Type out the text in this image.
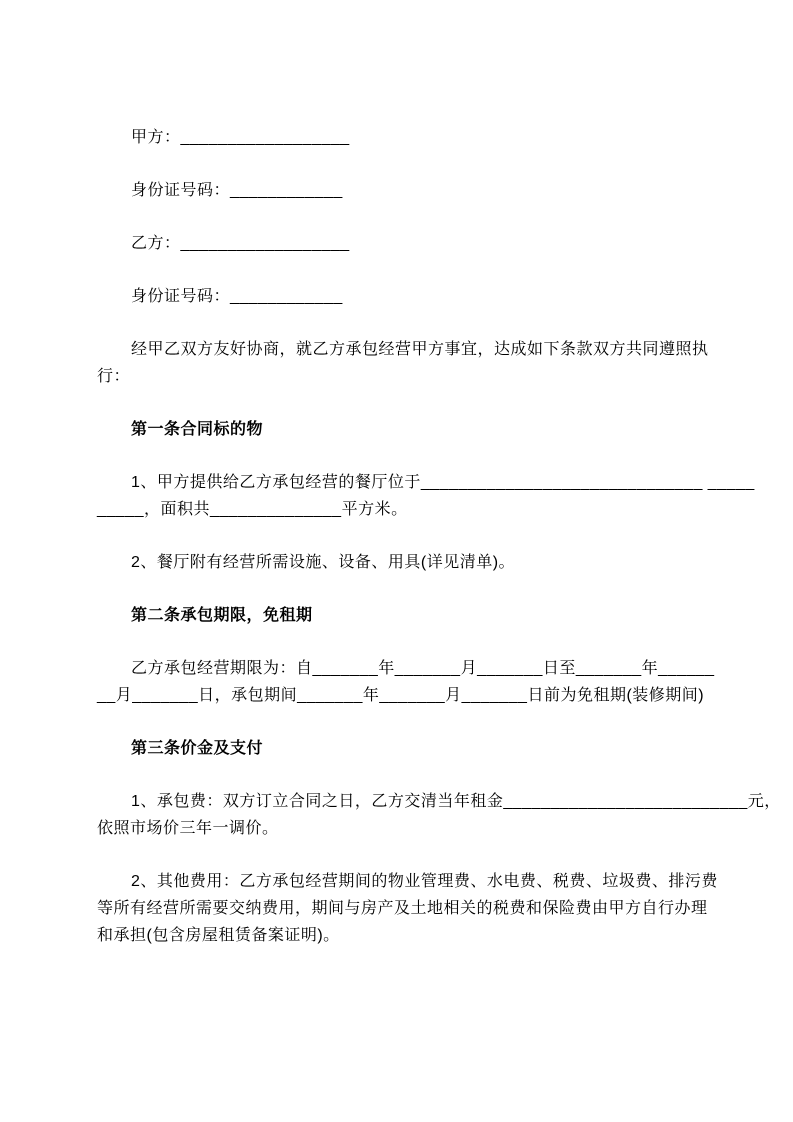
甲方：__________________
身份证号码：____________
乙方：__________________
身份证号码：____________
经甲乙双方友好协商，就乙方承包经营甲方事宜，达成如下条款双方共同遵照执
行：
第一条合同标的物
1、甲方提供给乙方承包经营的餐厅位于______________________________ _____
_____，面积共______________平方米。
2、餐厅附有经营所需设施、设备、用具(详见清单)。
第二条承包期限，免租期
乙方承包经营期限为：自_______年_______月_______日至_______年______
__月_______日，承包期间_______年_______月_______日前为免租期(装修期间)
第三条价金及支付
1、承包费：双方订立合同之日，乙方交清当年租金__________________________元，
依照市场价三年一调价。
2、其他费用：乙方承包经营期间的物业管理费、水电费、税费、垃圾费、排污费
等所有经营所需要交纳费用，期间与房产及土地相关的税费和保险费由甲方自行办理
和承担(包含房屋租赁备案证明)。
